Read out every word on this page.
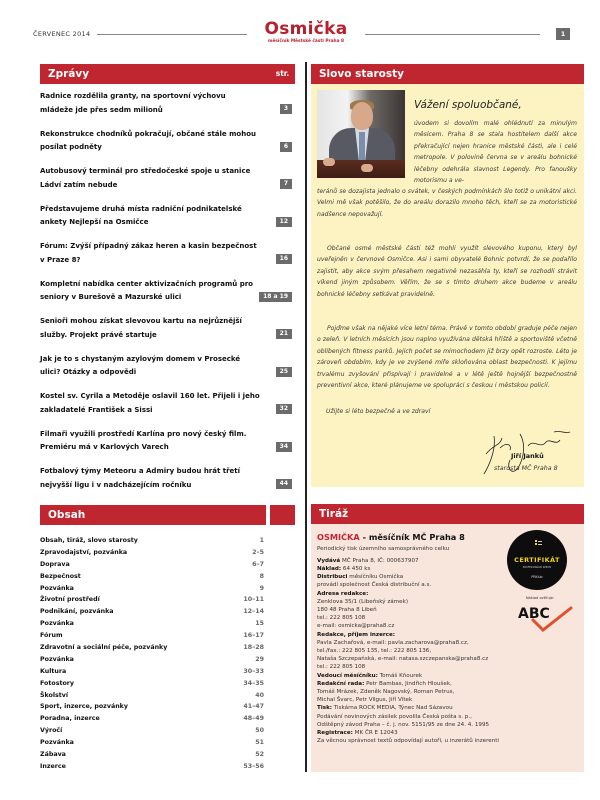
ČERVENEC 2014	Osmička
měsíčník Městské části Praha 8
1
Zprávy	str.
Radnice rozdělila granty, na sportovní výchovu mládeže jde přes sedm milionů	3
Rekonstrukce chodníků pokračují, občané stále mohou posílat podněty	6
Autobusový terminál pro středočeské spoje u stanice Ládví zatím nebude	7
Představujeme druhá místa radniční podnikatelské ankety Nejlepší na Osmičce	12
Fórum: Zvýší případný zákaz heren a kasin bezpečnost v Praze 8?	16
Kompletní nabídka center aktivizačních programů pro seniory v Burešově a Mazurské ulici	18 a 19
Senioři mohou získat slevovou kartu na nejrůznější služby. Projekt právě startuje	21
Jak je to s chystaným azylovým domem v Prosecké ulici? Otázky a odpovědi	25
Kostel sv. Cyrila a Metoděje oslavil 160 let. Přijeli i jeho zakladatelé František a Sissi	32
Filmaři využili prostředí Karlína pro nový český film. Premiéru má v Karlových Varech	34
Fotbalový týmy Meteoru a Admiry budou hrát třetí nejvyšší ligu i v nadcházejícím ročníku	44
Obsah
Obsah, tiráž, slovo starosty	1
Zpravodajství, pozvánka	2–5
Doprava	6–7
Bezpečnost	8
Pozvánka	9
Životní prostředí	10–11
Podnikání, pozvánka	12–14
Pozvánka	15
Fórum	16–17
Zdravotní a sociální péče, pozvánky	18–28
Pozvánka	29
Kultura	30–33
Fotostory	34–35
Školství	40
Sport, inzerce, pozvánky	41–47
Poradna, inzerce	48–49
Výročí	50
Pozvánka	51
Zábava	52
Inzerce	53–56
Slovo starosty
Vážení spoluobčané,
úvodem si dovolím malé ohlédnutí za minulým měsícem. Praha 8 se stala hostitelem další akce překračující nejen hranice městské části, ale i celé metropole. V polovině června se v areálu bohnické léčebny odehrála slavnost Legendy. Pro fanoušky motorismu a ve-
teránů se dozajista jednalo o svátek, v českých podmínkách šlo totiž o unikátní akci. Velmi mě však potěšilo, že do areálu dorazilo mnoho těch, kteří se za motoristické nadšence nepovažují.
Občané osmé městské části též mohli využít slevového kuponu, který byl uveřejněn v červnové Osmičce. Asi i sami obyvatelé Bohnic potvrdí, že se podařilo zajistit, aby akce svým přesahem negativně nezasáhla ty, kteří se rozhodli strávit víkend jiným způsobem. Věřím, že se s tímto druhem akce budeme v areálu bohnické léčebny setkávat pravidelně.
Pojďme však na nějaké více letní téma. Právě v tomto období graduje péče nejen o zeleň. V letních měsících jsou naplno využívána dětská hřiště a sportoviště včetně oblíbených fitness parků. Jejich počet se mimochodem již brzy opět rozroste. Léto je zároveň obdobím, kdy je ve zvýšené míře skloňována oblast bezpečnosti. K jejímu trvalému zvyšování přispívají i pravidelné a v létě ještě hojnější bezpečnostně preventivní akce, které plánujeme ve spolupráci s českou i městskou policií.
Užijte si léto bezpečně a ve zdraví
Jiří Janků
starosta MČ Praha 8
Tiráž
OSMIČKA - měsíčník MČ Praha 8
Periodický tisk územního samosprávného celku
Vydává MČ Praha 8, IČ: 000637907
Náklad: 64 450 ks
Distribuci měsíčníku Osmička
provádí společnost Česká distribuční a.s.
Adresa redakce:
Zenklova 35/1 (Libeňský zámek)
180 48 Praha 8 Libeň
tel.: 222 805 108
e-mail: osmicka@praha8.cz
Redakce, příjem inzerce:
Pavla Zachařová, e-mail: pavla.zacharova@praha8.cz,
tel./fax.: 222 805 135, tel.: 222 805 136,
Nataša Szczepańská, e-mail: natasa.szczepanska@praha8.cz
tel.: 222 805 108
Vedoucí měsíčníku: Tomáš Kňourek
Redakční rada: Petr Bambas, Jindřich Hloušek,
Tomáš Mrázek, Zdeněk Nagovský, Roman Petrus,
Michal Švarc, Petr Vilgus, Jiří Vítek
Tisk: Tiskárna ROCK MEDIA, Týnec Nad Sázavou
Podávání novinových zásilek povolila Česká pošta s. p.,
Odštěpný závod Praha – č. j. nov. 5151/95 ze dne 24. 4. 1995
Registrace: MK ČR E 12043
Za věcnou správnost textů odpovídají autoři, u inzerátů inzerenti
CERTIFIKÁT
PROFESIONÁLNÍ SERVIS
PRKlub
Náklad ověřuje:
ABC
